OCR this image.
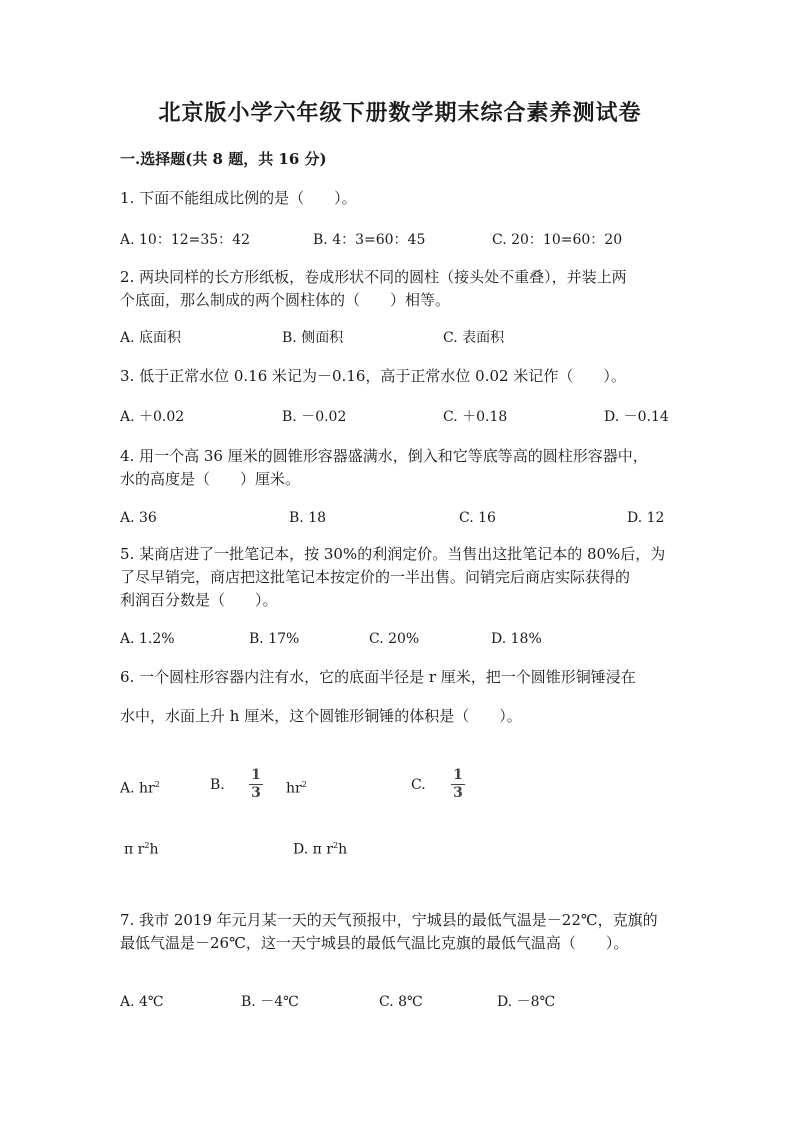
北京版小学六年级下册数学期末综合素养测试卷
一.选择题(共 8 题，共 16 分)
1. 下面不能组成比例的是（　　）。
A. 10：12=35：42	B. 4：3=60：45	C. 20：10=60：20
2. 两块同样的长方形纸板，卷成形状不同的圆柱（接头处不重叠），并装上两
个底面，那么制成的两个圆柱体的（　　）相等。
A. 底面积	B. 侧面积	C. 表面积
3. 低于正常水位 0.16 米记为－0.16，高于正常水位 0.02 米记作（　　）。
A. ＋0.02	B. －0.02	C. ＋0.18	D. －0.14
4. 用一个高 36 厘米的圆锥形容器盛满水，倒入和它等底等高的圆柱形容器中，
水的高度是（　　）厘米。
A. 36	B. 18	C. 16	D. 12
5. 某商店进了一批笔记本，按 30%的利润定价。当售出这批笔记本的 80%后，为
了尽早销完，商店把这批笔记本按定价的一半出售。问销完后商店实际获得的
利润百分数是（　　）。
A. 1.2%	B. 17%	C. 20%	D. 18%
6. 一个圆柱形容器内注有水，它的底面半径是 r 厘米，把一个圆锥形铜锤浸在
水中，水面上升 h 厘米，这个圆锥形铜锤的体积是（　　）。
A. $hr^2$	B.
1
3 $hr^2$	C.
1
3
π $r^2h$	D. π $r^2h$
7. 我市 2019 年元月某一天的天气预报中，宁城县的最低气温是－22℃，克旗的
最低气温是－26℃，这一天宁城县的最低气温比克旗的最低气温高（　　）。
A. 4℃	B. －4℃	C. 8℃	D. －8℃
